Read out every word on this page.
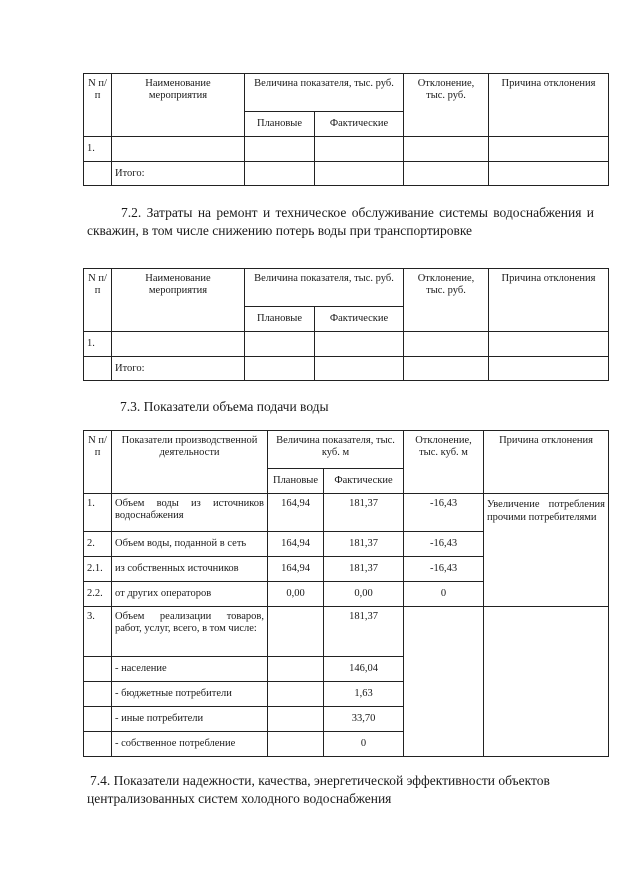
N п/п	Наименование мероприятия	Величина показателя, тыс. руб.		Отклонение, тыс. руб.	Причина отклонения
		Плановые	Фактические		
1.					
	Итого:				

7.2. Затраты на ремонт и техническое обслуживание системы водоснабжения и скважин, в том числе снижению потерь воды при транспортировке

N п/п	Наименование мероприятия	Величина показателя, тыс. руб.		Отклонение, тыс. руб.	Причина отклонения
		Плановые	Фактические		
1.					
	Итого:				

7.3. Показатели объема подачи воды

N п/п	Показатели производственной деятельности	Величина показателя, тыс. куб. м		Отклонение, тыс. куб. м	Причина отклонения
		Плановые	Фактические		
1.	Объем воды из источников водоснабжения	164,94	181,37	-16,43	Увеличение потребления прочими потребителями
2.	Объем воды, поданной в сеть	164,94	181,37	-16,43	
2.1.	из собственных источников	164,94	181,37	-16,43	
2.2.	от других операторов	0,00	0,00	0	
3.	Объем реализации товаров, работ, услуг, всего, в том числе:		181,37		
	- население		146,04		
	- бюджетные потребители		1,63		
	- иные потребители		33,70		
	- собственное потребление		0		

7.4. Показатели надежности, качества, энергетической эффективности объектов централизованных систем холодного водоснабжения
